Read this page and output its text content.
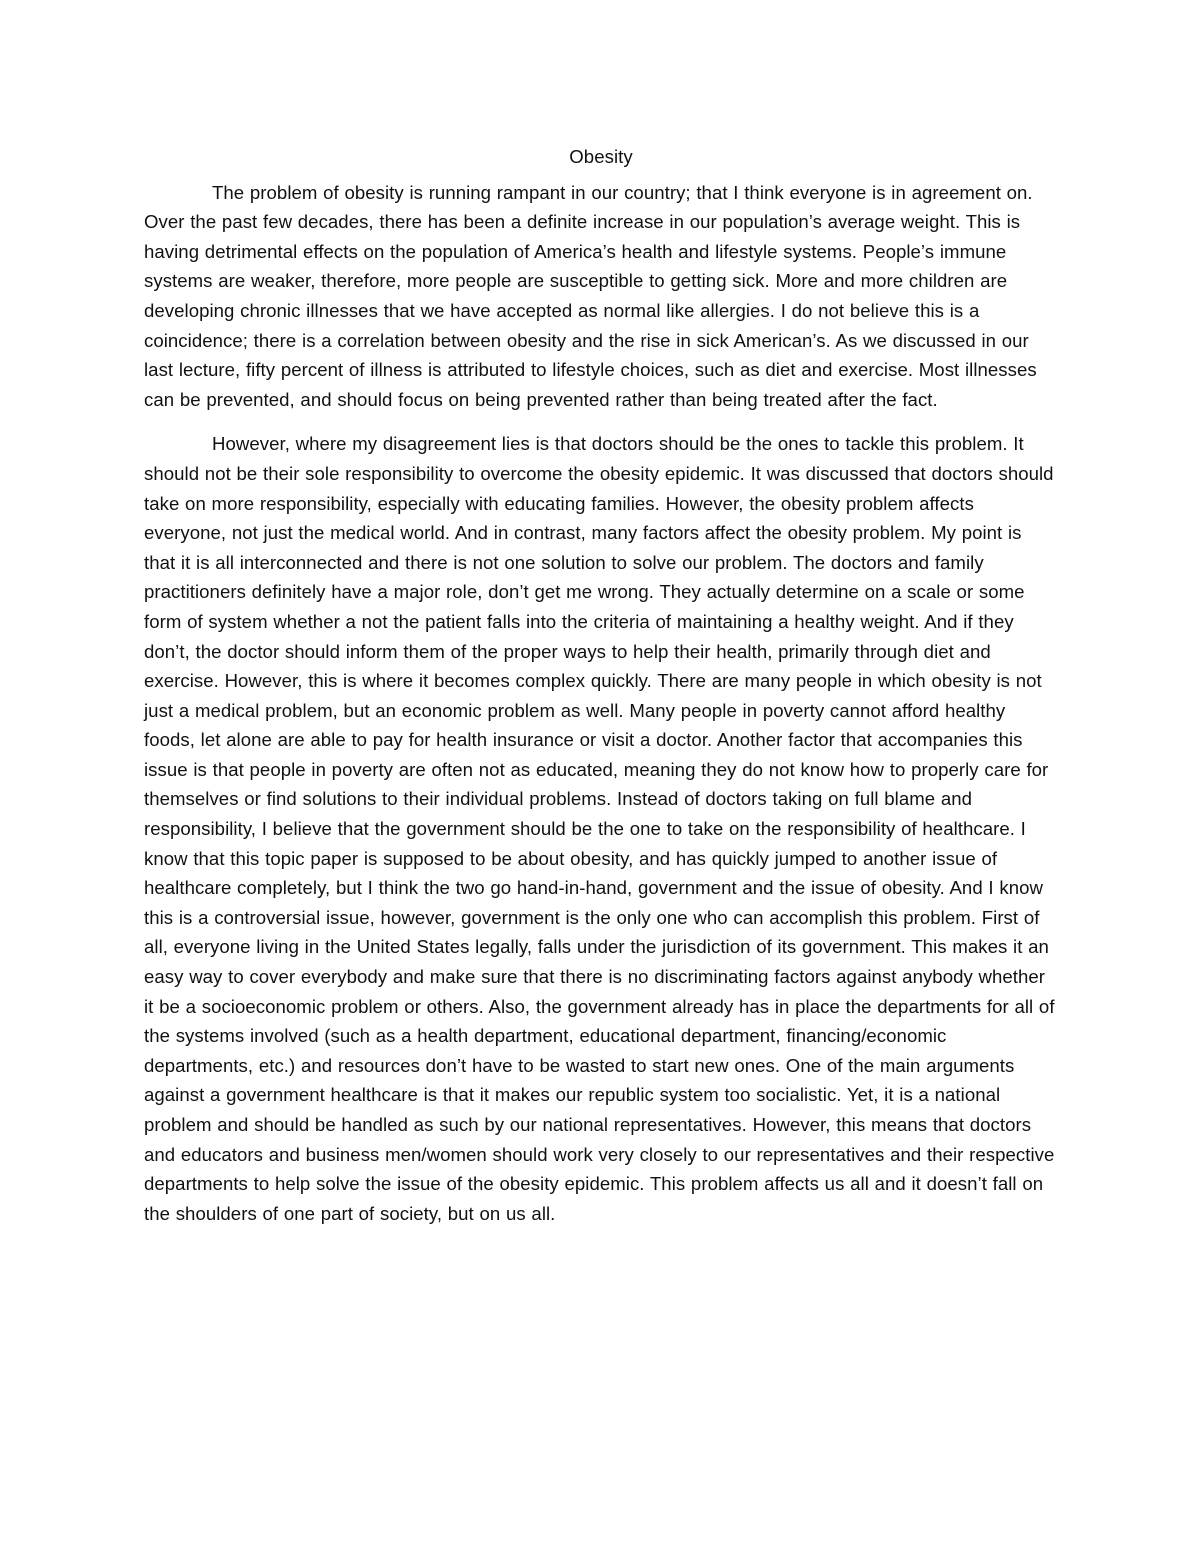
Obesity

The problem of obesity is running rampant in our country; that I think everyone is in agreement on. Over the past few decades, there has been a definite increase in our population’s average weight. This is having detrimental effects on the population of America’s health and lifestyle systems. People’s immune systems are weaker, therefore, more people are susceptible to getting sick. More and more children are developing chronic illnesses that we have accepted as normal like allergies. I do not believe this is a coincidence; there is a correlation between obesity and the rise in sick American’s. As we discussed in our last lecture, fifty percent of illness is attributed to lifestyle choices, such as diet and exercise. Most illnesses can be prevented, and should focus on being prevented rather than being treated after the fact.

However, where my disagreement lies is that doctors should be the ones to tackle this problem. It should not be their sole responsibility to overcome the obesity epidemic. It was discussed that doctors should take on more responsibility, especially with educating families. However, the obesity problem affects everyone, not just the medical world. And in contrast, many factors affect the obesity problem. My point is that it is all interconnected and there is not one solution to solve our problem. The doctors and family practitioners definitely have a major role, don’t get me wrong. They actually determine on a scale or some form of system whether a not the patient falls into the criteria of maintaining a healthy weight. And if they don’t, the doctor should inform them of the proper ways to help their health, primarily through diet and exercise. However, this is where it becomes complex quickly. There are many people in which obesity is not just a medical problem, but an economic problem as well. Many people in poverty cannot afford healthy foods, let alone are able to pay for health insurance or visit a doctor. Another factor that accompanies this issue is that people in poverty are often not as educated, meaning they do not know how to properly care for themselves or find solutions to their individual problems. Instead of doctors taking on full blame and responsibility, I believe that the government should be the one to take on the responsibility of healthcare. I know that this topic paper is supposed to be about obesity, and has quickly jumped to another issue of healthcare completely, but I think the two go hand-in-hand, government and the issue of obesity. And I know this is a controversial issue, however, government is the only one who can accomplish this problem. First of all, everyone living in the United States legally, falls under the jurisdiction of its government. This makes it an easy way to cover everybody and make sure that there is no discriminating factors against anybody whether it be a socioeconomic problem or others. Also, the government already has in place the departments for all of the systems involved (such as a health department, educational department, financing/economic departments, etc.) and resources don’t have to be wasted to start new ones. One of the main arguments against a government healthcare is that it makes our republic system too socialistic. Yet, it is a national problem and should be handled as such by our national representatives. However, this means that doctors and educators and business men/women should work very closely to our representatives and their respective departments to help solve the issue of the obesity epidemic. This problem affects us all and it doesn’t fall on the shoulders of one part of society, but on us all.
